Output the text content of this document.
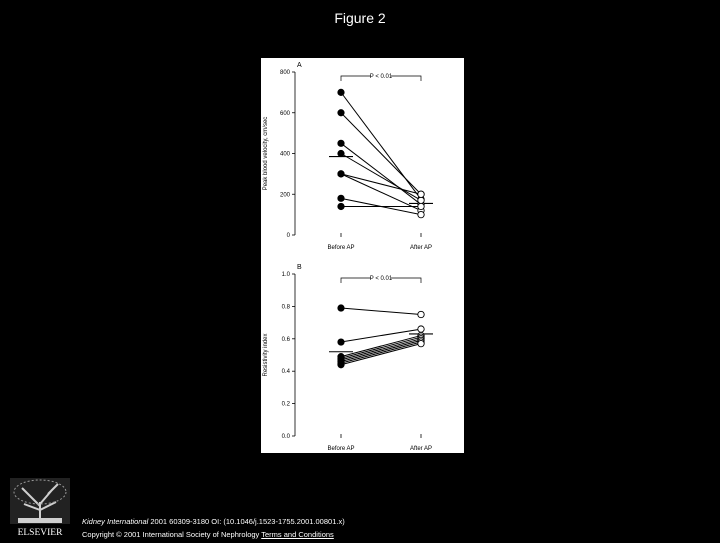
Figure 2
A
800
600
400
200
0
Peak blood velocity, cm/sec
P < 0.01
Before AP	After AP
B
1.0
0.8
0.6
0.4
0.2
0.0
Resistivity index
P < 0.01
Before AP	After AP
ELSEVIER
Kidney International 2001 60309-3180 OI: (10.1046/j.1523-1755.2001.00801.x)
Copyright © 2001 International Society of Nephrology Terms and Conditions
